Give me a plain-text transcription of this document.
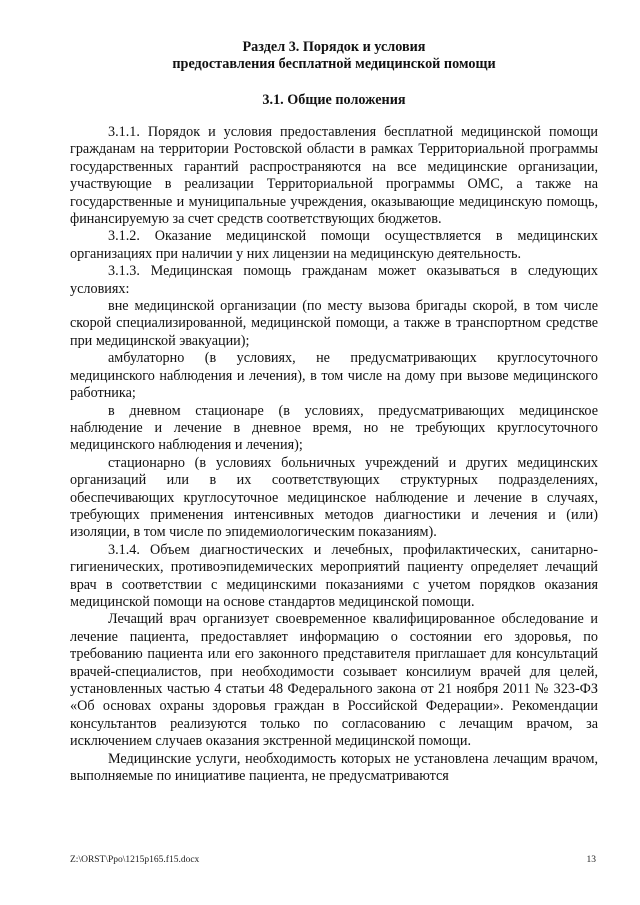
Раздел 3. Порядок и условия
предоставления бесплатной медицинской помощи
3.1. Общие положения

3.1.1. Порядок и условия предоставления бесплатной медицинской помощи гражданам на территории Ростовской области в рамках Территориальной программы государственных гарантий распространяются на все медицинские организации, участвующие в реализации Территориальной программы ОМС, а также на государственные и муниципальные учреждения, оказывающие медицинскую помощь, финансируемую за счет средств соответствующих бюджетов.

3.1.2. Оказание медицинской помощи осуществляется в медицинских организациях при наличии у них лицензии на медицинскую деятельность.

3.1.3. Медицинская помощь гражданам может оказываться в следующих условиях:

вне медицинской организации (по месту вызова бригады скорой, в том числе скорой специализированной, медицинской помощи, а также в транспортном средстве при медицинской эвакуации);

амбулаторно (в условиях, не предусматривающих круглосуточного медицинского наблюдения и лечения), в том числе на дому при вызове медицинского работника;

в дневном стационаре (в условиях, предусматривающих медицинское наблюдение и лечение в дневное время, но не требующих круглосуточного медицинского наблюдения и лечения);

стационарно (в условиях больничных учреждений и других медицинских организаций или в их соответствующих структурных подразделениях, обеспечивающих круглосуточное медицинское наблюдение и лечение в случаях, требующих применения интенсивных методов диагностики и лечения и (или) изоляции, в том числе по эпидемиологическим показаниям).

3.1.4. Объем диагностических и лечебных, профилактических, санитарно-гигиенических, противоэпидемических мероприятий пациенту определяет лечащий врач в соответствии с медицинскими показаниями с учетом порядков оказания медицинской помощи на основе стандартов медицинской помощи.

Лечащий врач организует своевременное квалифицированное обследование и лечение пациента, предоставляет информацию о состоянии его здоровья, по требованию пациента или его законного представителя приглашает для консультаций врачей-специалистов, при необходимости созывает консилиум врачей для целей, установленных частью 4 статьи 48 Федерального закона от 21 ноября 2011 № 323-ФЗ «Об основах охраны здоровья граждан в Российской Федерации». Рекомендации консультантов реализуются только по согласованию с лечащим врачом, за исключением случаев оказания экстренной медицинской помощи.

Медицинские услуги, необходимость которых не установлена лечащим врачом, выполняемые по инициативе пациента, не предусматриваются

Z:\ORST\Ppo\1215p165.f15.docx	13
